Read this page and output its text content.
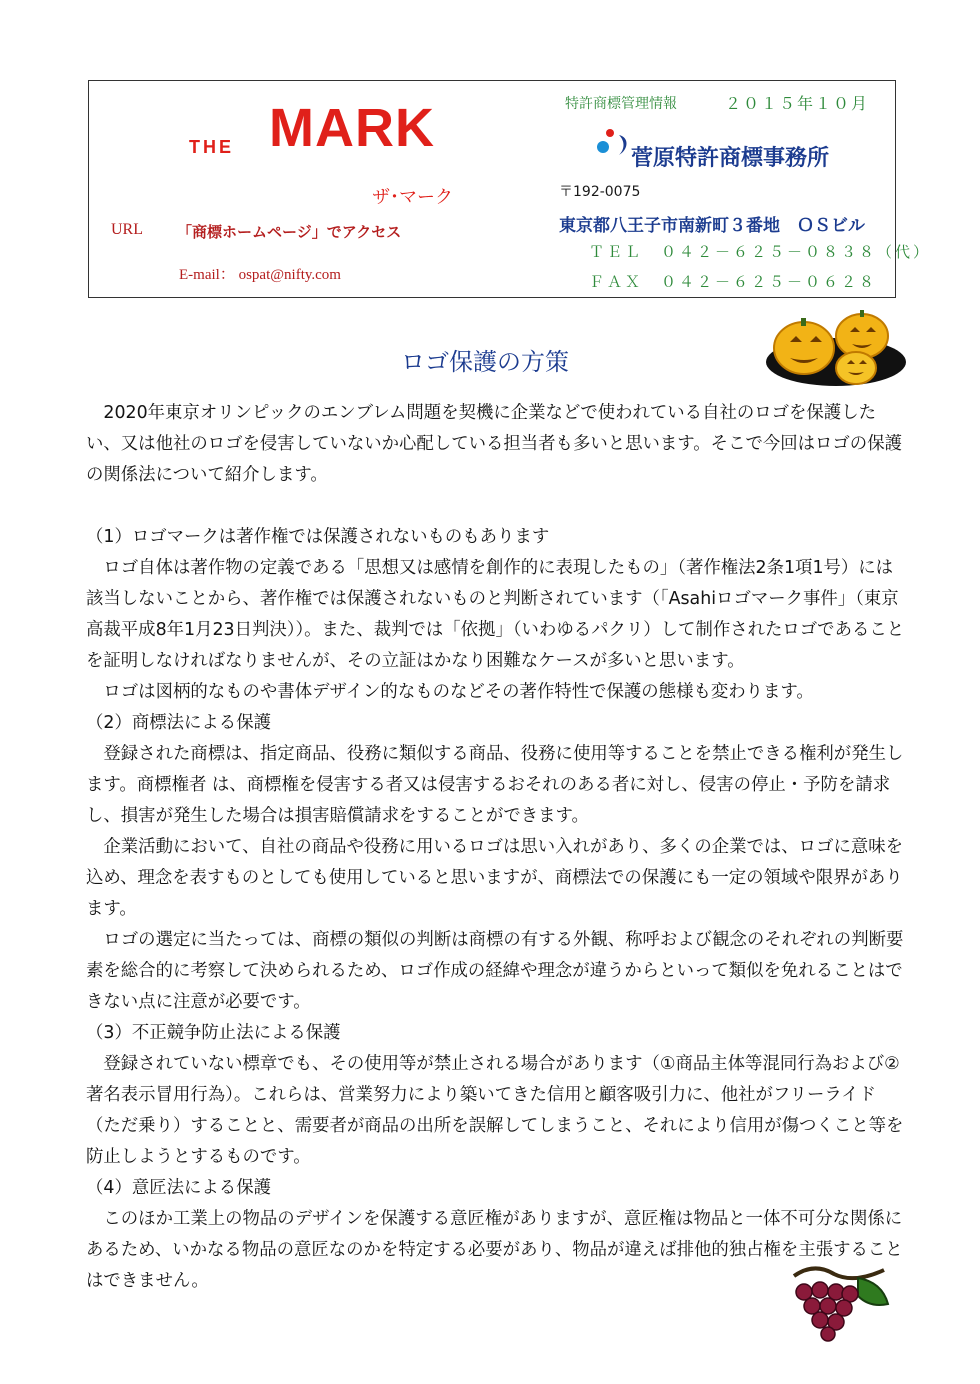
THE MARK
ザ･マーク
URL 「商標ホームページ」でアクセス
E-mail： ospat@nifty.com
特許商標管理情報	２０１５年１０月
菅原特許商標事務所
〒192-0075
東京都八王子市南新町３番地　ＯＳビル
ＴＥＬ　０４２－６２５－０８３８（代）
ＦＡＸ　０４２－６２５－０６２８
ロゴ保護の方策

2020年東京オリンピックのエンブレム問題を契機に企業などで使われている自社のロゴを保護したい、又は他社のロゴを侵害していないか心配している担当者も多いと思います。そこで今回はロゴの保護の関係法について紹介します。

（1）ロゴマークは著作権では保護されないものもあります

ロゴ自体は著作物の定義である「思想又は感情を創作的に表現したもの」（著作権法2条1項1号）には該当しないことから、著作権では保護されないものと判断されています（「Asahiロゴマーク事件」（東京高裁平成8年1月23日判決））。また、裁判では「依拠」（いわゆるパクリ）して制作されたロゴであることを証明しなければなりませんが、その立証はかなり困難なケースが多いと思います。

ロゴは図柄的なものや書体デザイン的なものなどその著作特性で保護の態様も変わります。

（2）商標法による保護

登録された商標は、指定商品、役務に類似する商品、役務に使用等することを禁止できる権利が発生します。商標権者 は、商標権を侵害する者又は侵害するおそれのある者に対し、侵害の停止・予防を請求し、損害が発生した場合は損害賠償請求をすることができます。

企業活動において、自社の商品や役務に用いるロゴは思い入れがあり、多くの企業では、ロゴに意味を込め、理念を表すものとしても使用していると思いますが、商標法での保護にも一定の領域や限界があります。

ロゴの選定に当たっては、商標の類似の判断は商標の有する外観、称呼および観念のそれぞれの判断要素を総合的に考察して決められるため、ロゴ作成の経緯や理念が違うからといって類似を免れることはできない点に注意が必要です。

（3）不正競争防止法による保護

登録されていない標章でも、その使用等が禁止される場合があります（①商品主体等混同行為および②著名表示冒用行為）。これらは、営業努力により築いてきた信用と顧客吸引力に、他社がフリーライド（ただ乗り）することと、需要者が商品の出所を誤解してしまうこと、それにより信用が傷つくこと等を防止しようとするものです。

（4）意匠法による保護

このほか工業上の物品のデザインを保護する意匠権がありますが、意匠権は物品と一体不可分な関係にあるため、いかなる物品の意匠なのかを特定する必要があり、物品が違えば排他的独占権を主張することはできません。
